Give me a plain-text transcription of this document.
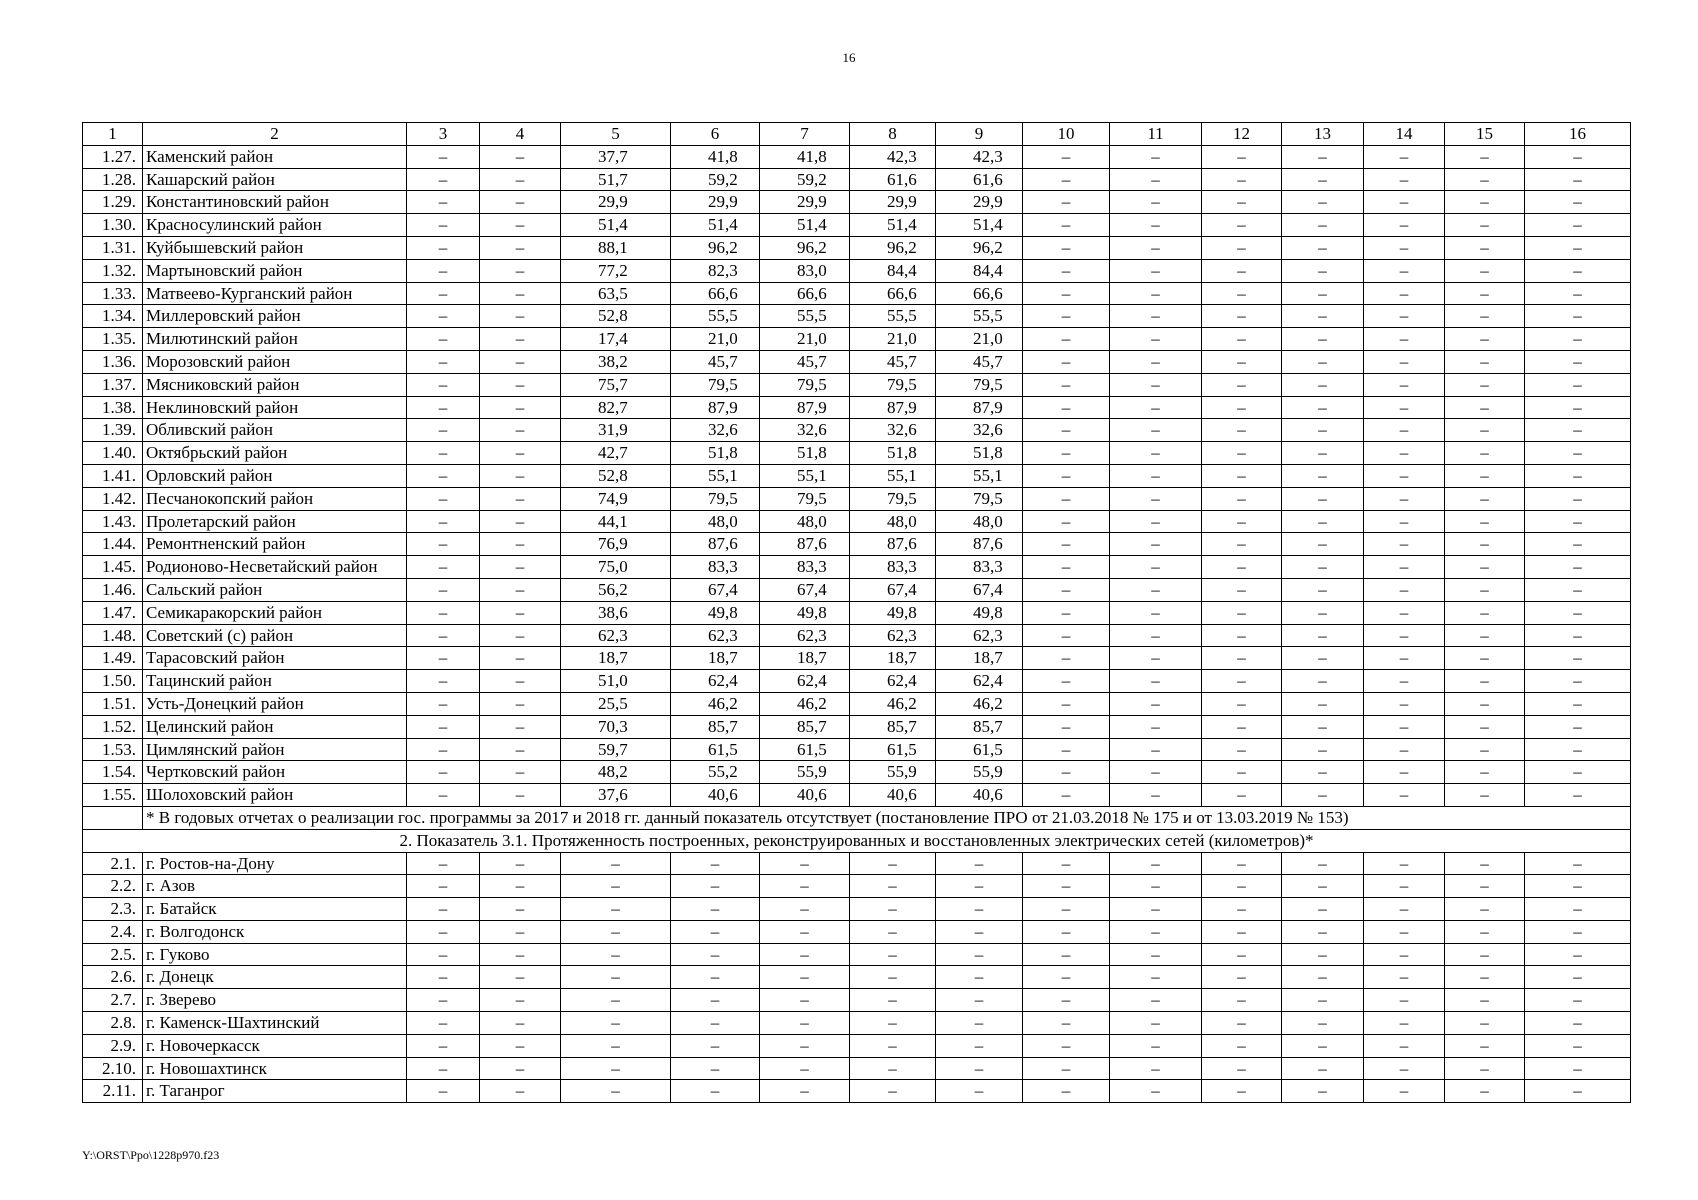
16
1	2	3	4	5	6	7	8	9	10	11	12	13	14	15	16
1.27.	Каменский район	–	–	37,7	41,8	41,8	42,3	42,3	–	–	–	–	–	–	–
1.28.	Кашарский район	–	–	51,7	59,2	59,2	61,6	61,6	–	–	–	–	–	–	–
1.29.	Константиновский район	–	–	29,9	29,9	29,9	29,9	29,9	–	–	–	–	–	–	–
1.30.	Красносулинский район	–	–	51,4	51,4	51,4	51,4	51,4	–	–	–	–	–	–	–
1.31.	Куйбышевский район	–	–	88,1	96,2	96,2	96,2	96,2	–	–	–	–	–	–	–
1.32.	Мартыновский район	–	–	77,2	82,3	83,0	84,4	84,4	–	–	–	–	–	–	–
1.33.	Матвеево-Курганский район	–	–	63,5	66,6	66,6	66,6	66,6	–	–	–	–	–	–	–
1.34.	Миллеровский район	–	–	52,8	55,5	55,5	55,5	55,5	–	–	–	–	–	–	–
1.35.	Милютинский район	–	–	17,4	21,0	21,0	21,0	21,0	–	–	–	–	–	–	–
1.36.	Морозовский район	–	–	38,2	45,7	45,7	45,7	45,7	–	–	–	–	–	–	–
1.37.	Мясниковский район	–	–	75,7	79,5	79,5	79,5	79,5	–	–	–	–	–	–	–
1.38.	Неклиновский район	–	–	82,7	87,9	87,9	87,9	87,9	–	–	–	–	–	–	–
1.39.	Обливский район	–	–	31,9	32,6	32,6	32,6	32,6	–	–	–	–	–	–	–
1.40.	Октябрьский район	–	–	42,7	51,8	51,8	51,8	51,8	–	–	–	–	–	–	–
1.41.	Орловский район	–	–	52,8	55,1	55,1	55,1	55,1	–	–	–	–	–	–	–
1.42.	Песчанокопский район	–	–	74,9	79,5	79,5	79,5	79,5	–	–	–	–	–	–	–
1.43.	Пролетарский район	–	–	44,1	48,0	48,0	48,0	48,0	–	–	–	–	–	–	–
1.44.	Ремонтненский район	–	–	76,9	87,6	87,6	87,6	87,6	–	–	–	–	–	–	–
1.45.	Родионово-Несветайский район	–	–	75,0	83,3	83,3	83,3	83,3	–	–	–	–	–	–	–
1.46.	Сальский район	–	–	56,2	67,4	67,4	67,4	67,4	–	–	–	–	–	–	–
1.47.	Семикаракорский район	–	–	38,6	49,8	49,8	49,8	49,8	–	–	–	–	–	–	–
1.48.	Советский (с) район	–	–	62,3	62,3	62,3	62,3	62,3	–	–	–	–	–	–	–
1.49.	Тарасовский район	–	–	18,7	18,7	18,7	18,7	18,7	–	–	–	–	–	–	–
1.50.	Тацинский район	–	–	51,0	62,4	62,4	62,4	62,4	–	–	–	–	–	–	–
1.51.	Усть-Донецкий район	–	–	25,5	46,2	46,2	46,2	46,2	–	–	–	–	–	–	–
1.52.	Целинский район	–	–	70,3	85,7	85,7	85,7	85,7	–	–	–	–	–	–	–
1.53.	Цимлянский район	–	–	59,7	61,5	61,5	61,5	61,5	–	–	–	–	–	–	–
1.54.	Чертковский район	–	–	48,2	55,2	55,9	55,9	55,9	–	–	–	–	–	–	–
1.55.	Шолоховский район	–	–	37,6	40,6	40,6	40,6	40,6	–	–	–	–	–	–	–
	* В годовых отчетах о реализации гос. программы за 2017 и 2018 гг. данный показатель отсутствует (постановление ПРО от 21.03.2018 № 175 и от 13.03.2019 № 153)														
2. Показатель 3.1. Протяженность построенных, реконструированных и восстановленных электрических сетей (километров)*															
2.1.	г. Ростов-на-Дону	–	–	–	–	–	–	–	–	–	–	–	–	–	–
2.2.	г. Азов	–	–	–	–	–	–	–	–	–	–	–	–	–	–
2.3.	г. Батайск	–	–	–	–	–	–	–	–	–	–	–	–	–	–
2.4.	г. Волгодонск	–	–	–	–	–	–	–	–	–	–	–	–	–	–
2.5.	г. Гуково	–	–	–	–	–	–	–	–	–	–	–	–	–	–
2.6.	г. Донецк	–	–	–	–	–	–	–	–	–	–	–	–	–	–
2.7.	г. Зверево	–	–	–	–	–	–	–	–	–	–	–	–	–	–
2.8.	г. Каменск-Шахтинский	–	–	–	–	–	–	–	–	–	–	–	–	–	–
2.9.	г. Новочеркасск	–	–	–	–	–	–	–	–	–	–	–	–	–	–
2.10.	г. Новошахтинск	–	–	–	–	–	–	–	–	–	–	–	–	–	–
2.11.	г. Таганрог	–	–	–	–	–	–	–	–	–	–	–	–	–	–
Y:\ORST\Ppo\1228p970.f23
